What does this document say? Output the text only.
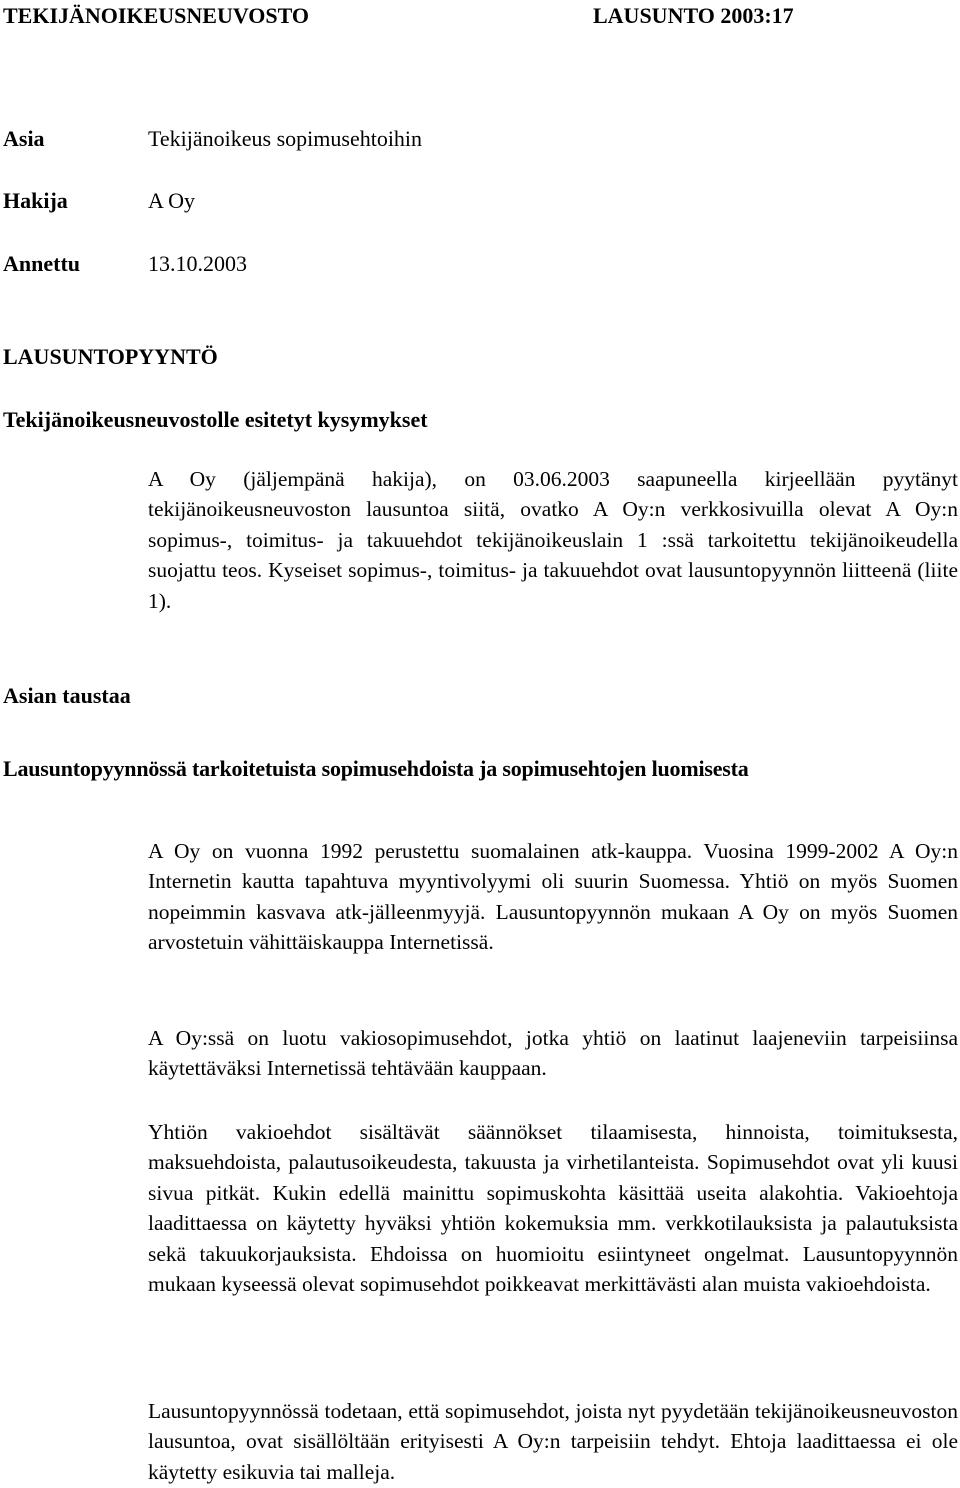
TEKIJÄNOIKEUSNEUVOSTO	LAUSUNTO 2003:17
Asia	Tekijänoikeus sopimusehtoihin
Hakija	A Oy
Annettu	13.10.2003
LAUSUNTOPYYNTÖ
Tekijänoikeusneuvostolle esitetyt kysymykset

A Oy (jäljempänä hakija), on 03.06.2003 saapuneella kirjeellään pyytänyt tekijänoikeusneuvoston lausuntoa siitä, ovatko A Oy:n verkkosivuilla olevat A Oy:n sopimus-, toimitus- ja takuuehdot tekijänoikeuslain 1 :ssä tarkoitettu tekijänoikeudella suojattu teos. Kyseiset sopimus-, toimitus- ja takuuehdot ovat lausuntopyynnön liitteenä (liite 1).

Asian taustaa
Lausuntopyynnössä tarkoitetuista sopimusehdoista ja sopimusehtojen luomisesta

A Oy on vuonna 1992 perustettu suomalainen atk-kauppa. Vuosina 1999-2002 A Oy:n Internetin kautta tapahtuva myyntivolyymi oli suurin Suomessa. Yhtiö on myös Suomen nopeimmin kasvava atk-jälleenmyyjä. Lausuntopyynnön mukaan A Oy on myös Suomen arvostetuin vähittäiskauppa Internetissä.

A Oy:ssä on luotu vakiosopimusehdot, jotka yhtiö on laatinut laajeneviin tarpeisiinsa käytettäväksi Internetissä tehtävään kauppaan.

Yhtiön vakioehdot sisältävät säännökset tilaamisesta, hinnoista, toimituksesta, maksuehdoista, palautusoikeudesta, takuusta ja virhetilanteista. Sopimusehdot ovat yli kuusi sivua pitkät. Kukin edellä mainittu sopimuskohta käsittää useita alakohtia. Vakioehtoja laadittaessa on käytetty hyväksi yhtiön kokemuksia mm. verkkotilauksista ja palautuksista sekä takuukorjauksista. Ehdoissa on huomioitu esiintyneet ongelmat. Lausuntopyynnön mukaan kyseessä olevat sopimusehdot poikkeavat merkittävästi alan muista vakioehdoista.

Lausuntopyynnössä todetaan, että sopimusehdot, joista nyt pyydetään tekijänoikeusneuvoston lausuntoa, ovat sisällöltään erityisesti A Oy:n tarpeisiin tehdyt. Ehtoja laadittaessa ei ole käytetty esikuvia tai malleja.
